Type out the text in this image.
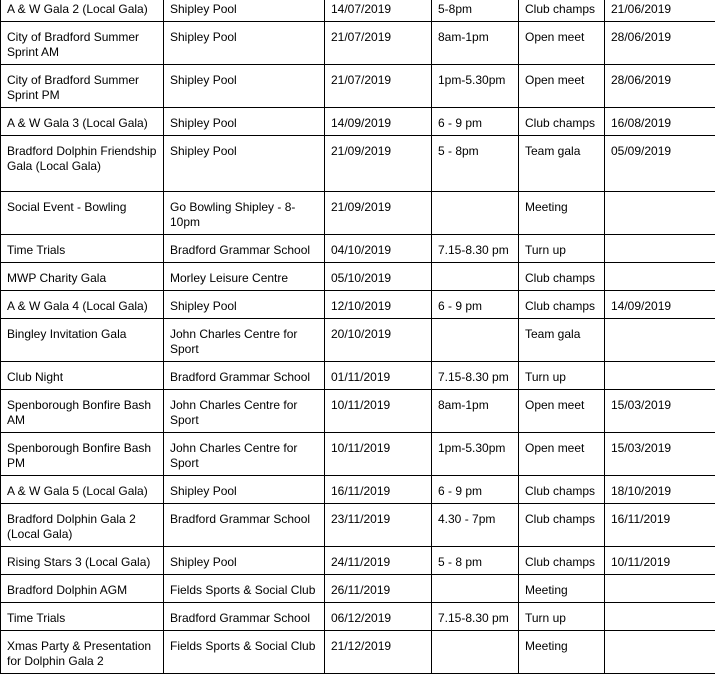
A & W Gala 2 (Local Gala)	Shipley Pool	14/07/2019	5-8pm	Club champs	21/06/2019
City of Bradford Summer Sprint AM	Shipley Pool	21/07/2019	8am-1pm	Open meet	28/06/2019
City of Bradford Summer Sprint PM	Shipley Pool	21/07/2019	1pm-5.30pm	Open meet	28/06/2019
A & W Gala 3 (Local Gala)	Shipley Pool	14/09/2019	6 - 9 pm	Club champs	16/08/2019
Bradford Dolphin Friendship Gala (Local Gala)	Shipley Pool	21/09/2019	5 - 8pm	Team gala	05/09/2019
Social Event - Bowling	Go Bowling Shipley - 8-10pm	21/09/2019		Meeting	
Time Trials	Bradford Grammar School	04/10/2019	7.15-8.30 pm	Turn up	
MWP Charity Gala	Morley Leisure Centre	05/10/2019		Club champs	
A & W Gala 4 (Local Gala)	Shipley Pool	12/10/2019	6 - 9 pm	Club champs	14/09/2019
Bingley Invitation Gala	John Charles Centre for Sport	20/10/2019		Team gala	
Club Night	Bradford Grammar School	01/11/2019	7.15-8.30 pm	Turn up	
Spenborough Bonfire Bash AM	John Charles Centre for Sport	10/11/2019	8am-1pm	Open meet	15/03/2019
Spenborough Bonfire Bash PM	John Charles Centre for Sport	10/11/2019	1pm-5.30pm	Open meet	15/03/2019
A & W Gala 5 (Local Gala)	Shipley Pool	16/11/2019	6 - 9 pm	Club champs	18/10/2019
Bradford Dolphin Gala 2 (Local Gala)	Bradford Grammar School	23/11/2019	4.30 - 7pm	Club champs	16/11/2019
Rising Stars 3 (Local Gala)	Shipley Pool	24/11/2019	5 - 8 pm	Club champs	10/11/2019
Bradford Dolphin AGM	Fields Sports & Social Club	26/11/2019		Meeting	
Time Trials	Bradford Grammar School	06/12/2019	7.15-8.30 pm	Turn up	
Xmas Party & Presentation for Dolphin Gala 2	Fields Sports & Social Club	21/12/2019		Meeting	
